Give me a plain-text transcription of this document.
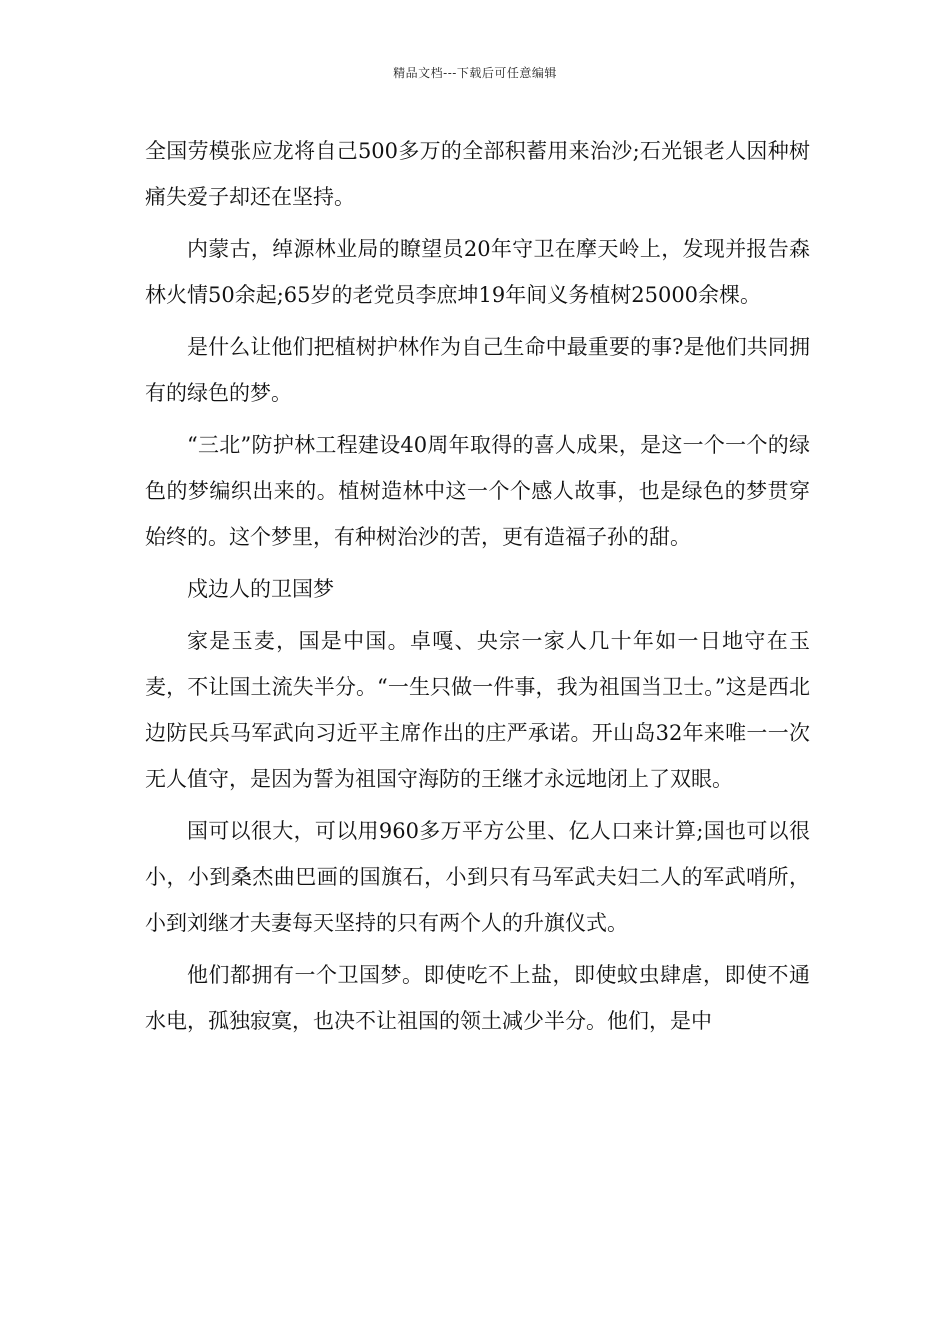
精品文档---下载后可任意编辑

全国劳模张应龙将自己500多万的全部积蓄用来治沙;石光银老人因种树痛失爱子却还在坚持。

内蒙古，绰源林业局的瞭望员20年守卫在摩天岭上，发现并报告森林火情50余起;65岁的老党员李庶坤19年间义务植树25000余棵。

是什么让他们把植树护林作为自己生命中最重要的事?是他们共同拥有的绿色的梦。

“三北”防护林工程建设40周年取得的喜人成果，是这一个一个的绿色的梦编织出来的。植树造林中这一个个感人故事，也是绿色的梦贯穿始终的。这个梦里，有种树治沙的苦，更有造福子孙的甜。

戍边人的卫国梦

家是玉麦，国是中国。卓嘎、央宗一家人几十年如一日地守在玉麦，不让国土流失半分。“一生只做一件事，我为祖国当卫士。”这是西北边防民兵马军武向习近平主席作出的庄严承诺。开山岛32年来唯一一次无人值守，是因为誓为祖国守海防的王继才永远地闭上了双眼。

国可以很大，可以用960多万平方公里、亿人口来计算;国也可以很小，小到桑杰曲巴画的国旗石，小到只有马军武夫妇二人的军武哨所，小到刘继才夫妻每天坚持的只有两个人的升旗仪式。

他们都拥有一个卫国梦。即使吃不上盐，即使蚊虫肆虐，即使不通水电，孤独寂寞，也决不让祖国的领土减少半分。他们，是中
